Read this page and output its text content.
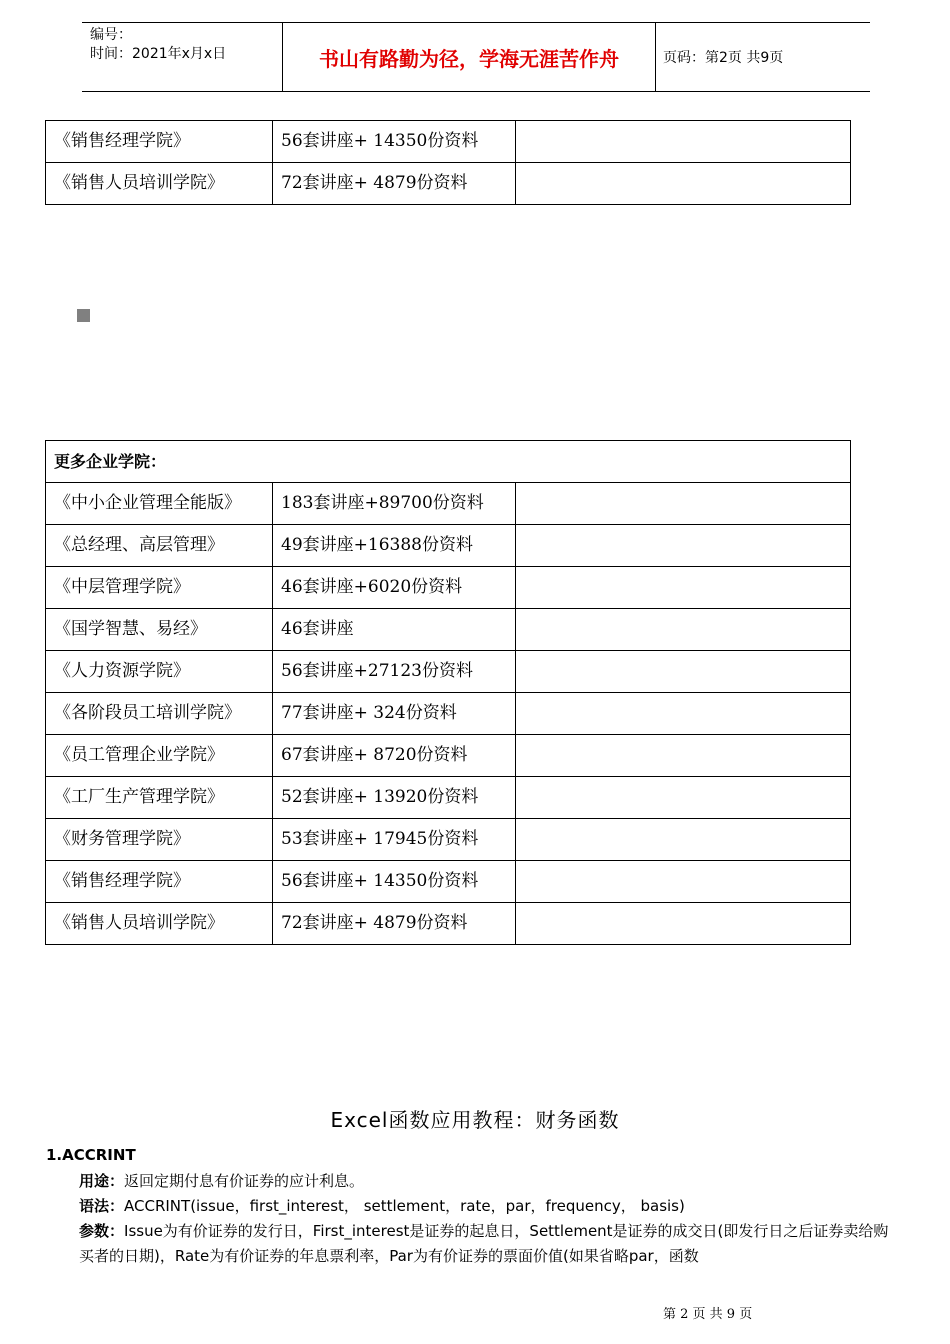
编号：
时间：2021年x月x日	书山有路勤为径，学海无涯苦作舟	页码：第2页 共9页
《销售经理学院》	56套讲座+ 14350份资料	
《销售人员培训学院》	72套讲座+ 4879份资料	
更多企业学院：		
《中小企业管理全能版》	183套讲座+89700份资料	
《总经理、高层管理》	49套讲座+16388份资料	
《中层管理学院》	46套讲座+6020份资料	
《国学智慧、易经》	46套讲座	
《人力资源学院》	56套讲座+27123份资料	
《各阶段员工培训学院》	77套讲座+ 324份资料	
《员工管理企业学院》	67套讲座+ 8720份资料	
《工厂生产管理学院》	52套讲座+ 13920份资料	
《财务管理学院》	53套讲座+ 17945份资料	
《销售经理学院》	56套讲座+ 14350份资料	
《销售人员培训学院》	72套讲座+ 4879份资料	
Excel函数应用教程：财务函数
1.ACCRINT
用途：返回定期付息有价证券的应计利息。
语法：ACCRINT(issue，first_interest， settlement，rate，par，frequency， basis)
参数：Issue为有价证券的发行日，First_interest是证券的起息日，Settlement是证券的成交日(即发行日之后证券卖给购买者的日期)，Rate为有价证券的年息票利率，Par为有价证券的票面价值(如果省略par，函数
第 2 页 共 9 页
